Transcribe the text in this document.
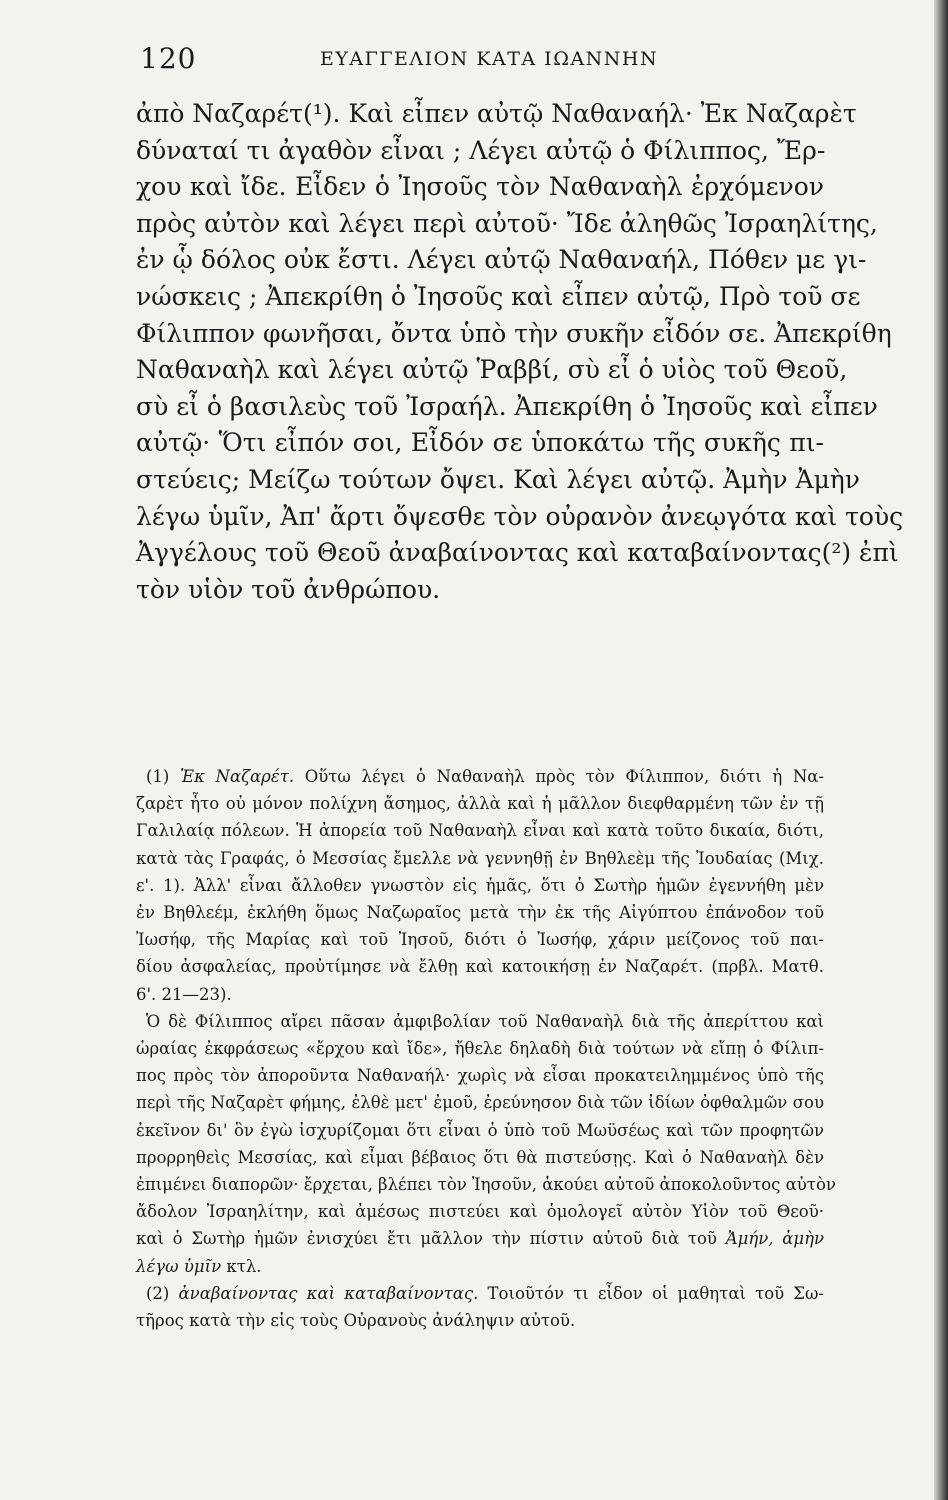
120	ΕΥΑΓΓΕΛΙΟΝ ΚΑΤΑ ΙΩΑΝΝΗΝ
ἀπὸ Ναζαρέτ(¹). Καὶ εἶπεν αὐτῷ Ναθαναήλ· Ἐκ Ναζαρὲτ
δύναταί τι ἀγαθὸν εἶναι ; Λέγει αὐτῷ ὁ Φίλιππος, Ἔρ-
χου καὶ ἴδε. Εἶδεν ὁ Ἰησοῦς τὸν Ναθαναὴλ ἐρχόμενον
πρὸς αὐτὸν καὶ λέγει περὶ αὐτοῦ· Ἴδε ἀληθῶς Ἰσραηλίτης,
ἐν ᾧ δόλος οὐκ ἔστι. Λέγει αὐτῷ Ναθαναήλ, Πόθεν με γι-
νώσκεις ; Ἀπεκρίθη ὁ Ἰησοῦς καὶ εἶπεν αὐτῷ, Πρὸ τοῦ σε
Φίλιππον φωνῆσαι, ὄντα ὑπὸ τὴν συκῆν εἶδόν σε. Ἀπεκρίθη
Ναθαναὴλ καὶ λέγει αὐτῷ Ῥαββί, σὺ εἶ ὁ υἱὸς τοῦ Θεοῦ,
σὺ εἶ ὁ βασιλεὺς τοῦ Ἰσραήλ. Ἀπεκρίθη ὁ Ἰησοῦς καὶ εἶπεν
αὐτῷ· Ὅτι εἶπόν σοι, Εἶδόν σε ὑποκάτω τῆς συκῆς πι-
στεύεις; Μείζω τούτων ὄψει. Καὶ λέγει αὐτῷ. Ἀμὴν Ἀμὴν
λέγω ὑμῖν, Ἀπ' ἄρτι ὄψεσθε τὸν οὐρανὸν ἀνεῳγότα καὶ τοὺς
Ἀγγέλους τοῦ Θεοῦ ἀναβαίνοντας καὶ καταβαίνοντας(²) ἐπὶ
τὸν υἱὸν τοῦ ἀνθρώπου.
(1) Ἐκ Ναζαρέτ. Οὕτω λέγει ὁ Ναθαναὴλ πρὸς τὸν Φίλιππον, διότι ἡ Να-
ζαρὲτ ἦτο οὐ μόνον πολίχνη ἄσημος, ἀλλὰ καὶ ἡ μᾶλλον διεφθαρμένη τῶν ἐν τῇ
Γαλιλαίᾳ πόλεων. Ἡ ἀπορεία τοῦ Ναθαναὴλ εἶναι καὶ κατὰ τοῦτο δικαία, διότι,
κατὰ τὰς Γραφάς, ὁ Μεσσίας ἔμελλε νὰ γεννηθῇ ἐν Βηθλεὲμ τῆς Ἰουδαίας (Μιχ.
ε'. 1). Ἀλλ' εἶναι ἄλλοθεν γνωστὸν εἰς ἡμᾶς, ὅτι ὁ Σωτὴρ ἡμῶν ἐγεννήθη μὲν
ἐν Βηθλεέμ, ἐκλήθη ὅμως Ναζωραῖος μετὰ τὴν ἐκ τῆς Αἰγύπτου ἐπάνοδον τοῦ
Ἰωσήφ, τῆς Μαρίας καὶ τοῦ Ἰησοῦ, διότι ὁ Ἰωσήφ, χάριν μείζονος τοῦ παι-
δίου ἀσφαλείας, προὐτίμησε νὰ ἔλθῃ καὶ κατοικήσῃ ἐν Ναζαρέτ. (πρβλ. Ματθ.
6'. 21—23).
Ὁ δὲ Φίλιππος αἴρει πᾶσαν ἀμφιβολίαν τοῦ Ναθαναὴλ διὰ τῆς ἀπερίττου καὶ
ὡραίας ἐκφράσεως «ἔρχου καὶ ἴδε», ἤθελε δηλαδὴ διὰ τούτων νὰ εἴπῃ ὁ Φίλιπ-
πος πρὸς τὸν ἀποροῦντα Ναθαναήλ· χωρὶς νὰ εἶσαι προκατειλημμένος ὑπὸ τῆς
περὶ τῆς Ναζαρὲτ φήμης, ἐλθὲ μετ' ἐμοῦ, ἐρεύνησον διὰ τῶν ἰδίων ὀφθαλμῶν σου
ἐκεῖνον δι' ὃν ἐγὼ ἰσχυρίζομαι ὅτι εἶναι ὁ ὑπὸ τοῦ Μωϋσέως καὶ τῶν προφητῶν
προρρηθεὶς Μεσσίας, καὶ εἶμαι βέβαιος ὅτι θὰ πιστεύσῃς. Καὶ ὁ Ναθαναὴλ δὲν
ἐπιμένει διαπορῶν· ἔρχεται, βλέπει τὸν Ἰησοῦν, ἀκούει αὐτοῦ ἀποκολοῦντος αὐτὸν
ἄδολον Ἰσραηλίτην, καὶ ἀμέσως πιστεύει καὶ ὁμολογεῖ αὐτὸν Υἱὸν τοῦ Θεοῦ·
καὶ ὁ Σωτὴρ ἡμῶν ἐνισχύει ἔτι μᾶλλον τὴν πίστιν αὐτοῦ διὰ τοῦ Ἀμήν, ἀμὴν
λέγω ὑμῖν κτλ.
(2) ἀναβαίνοντας καὶ καταβαίνοντας. Τοιοῦτόν τι εἶδον οἱ μαθηταὶ τοῦ Σω-
τῆρος κατὰ τὴν εἰς τοὺς Οὐρανοὺς ἀνάληψιν αὐτοῦ.
